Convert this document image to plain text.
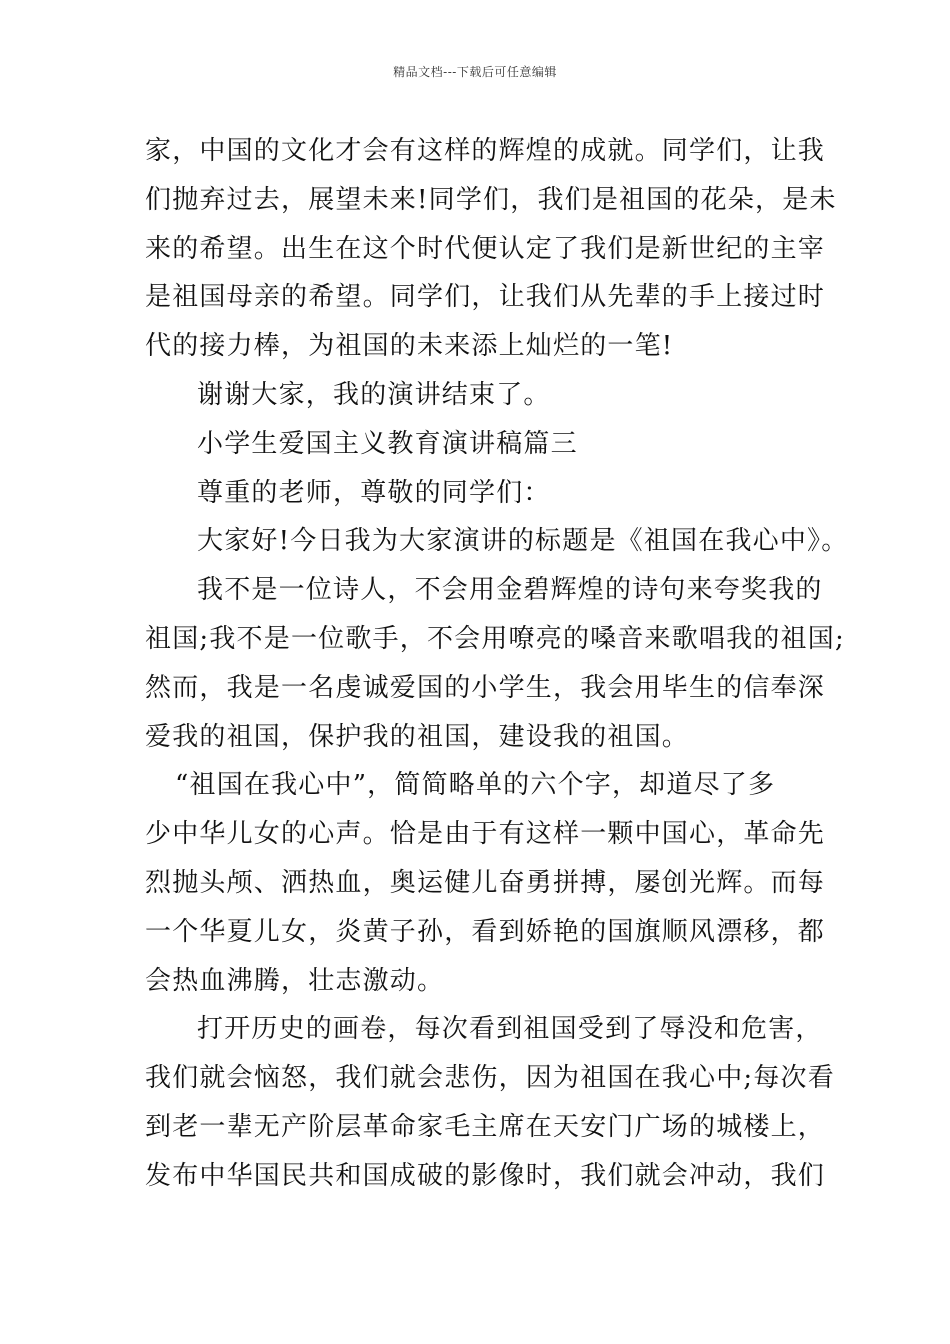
精品文档---下载后可任意编辑

家，中国的文化才会有这样的辉煌的成就。同学们，让我
们抛弃过去，展望未来!同学们，我们是祖国的花朵，是未
来的希望。出生在这个时代便认定了我们是新世纪的主宰
是祖国母亲的希望。同学们，让我们从先辈的手上接过时
代的接力棒，为祖国的未来添上灿烂的一笔!

谢谢大家，我的演讲结束了。

小学生爱国主义教育演讲稿篇三

尊重的老师，尊敬的同学们：

大家好!今日我为大家演讲的标题是《祖国在我心中》。

我不是一位诗人，不会用金碧辉煌的诗句来夸奖我的
祖国;我不是一位歌手，不会用嘹亮的嗓音来歌唱我的祖国;
然而，我是一名虔诚爱国的小学生，我会用毕生的信奉深
爱我的祖国，保护我的祖国，建设我的祖国。

“祖国在我心中”，简简略单的六个字，却道尽了多
少中华儿女的心声。恰是由于有这样一颗中国心，革命先
烈抛头颅、洒热血，奥运健儿奋勇拼搏，屡创光辉。而每
一个华夏儿女，炎黄子孙，看到娇艳的国旗顺风漂移，都
会热血沸腾，壮志激动。

打开历史的画卷，每次看到祖国受到了辱没和危害，
我们就会恼怒，我们就会悲伤，因为祖国在我心中;每次看
到老一辈无产阶层革命家毛主席在天安门广场的城楼上，
发布中华国民共和国成破的影像时，我们就会冲动，我们
